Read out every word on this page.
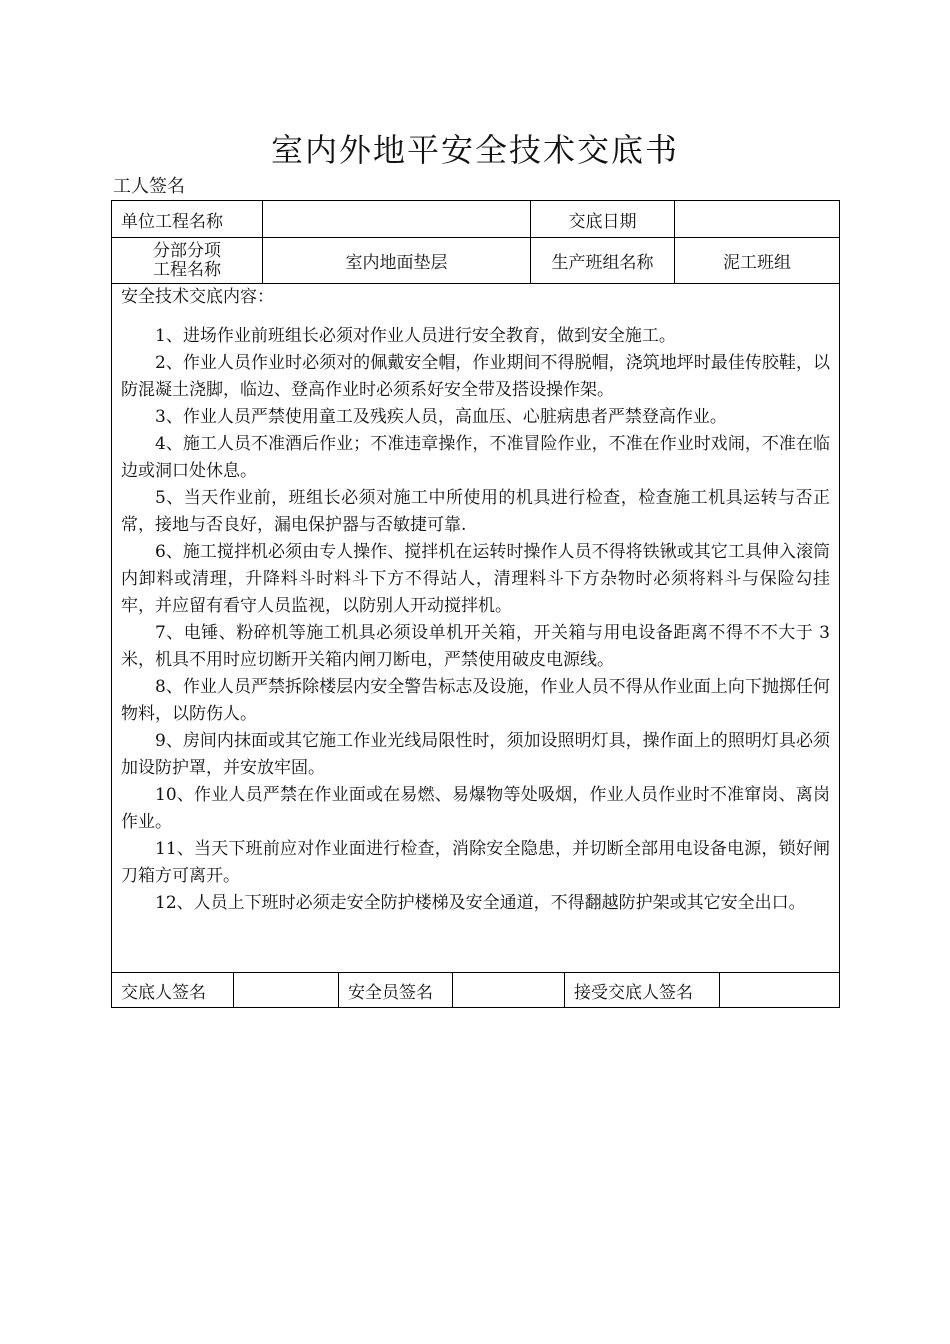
室内外地平安全技术交底书
工人签名
单位工程名称	交底日期
分部分项
工程名称	室内地面垫层	生产班组名称	泥工班组
安全技术交底内容：

1、进场作业前班组长必须对作业人员进行安全教育，做到安全施工。

2、作业人员作业时必须对的佩戴安全帽，作业期间不得脱帽，浇筑地坪时最佳传胶鞋，以防混凝土浇脚，临边、登高作业时必须系好安全带及搭设操作架。

3、作业人员严禁使用童工及残疾人员，高血压、心脏病患者严禁登高作业。

4、施工人员不准酒后作业；不准违章操作，不准冒险作业，不准在作业时戏闹，不准在临边或洞口处休息。

5、当天作业前，班组长必须对施工中所使用的机具进行检查，检查施工机具运转与否正常，接地与否良好，漏电保护器与否敏捷可靠.

6、施工搅拌机必须由专人操作、搅拌机在运转时操作人员不得将铁锹或其它工具伸入滚筒内卸料或清理，升降料斗时料斗下方不得站人，清理料斗下方杂物时必须将料斗与保险勾挂牢，并应留有看守人员监视，以防别人开动搅拌机。

7、电锤、粉碎机等施工机具必须设单机开关箱，开关箱与用电设备距离不得不不大于 3 米，机具不用时应切断开关箱内闸刀断电，严禁使用破皮电源线。

8、作业人员严禁拆除楼层内安全警告标志及设施，作业人员不得从作业面上向下抛掷任何物料，以防伤人。

9、房间内抹面或其它施工作业光线局限性时，须加设照明灯具，操作面上的照明灯具必须加设防护罩，并安放牢固。

10、作业人员严禁在作业面或在易燃、易爆物等处吸烟，作业人员作业时不准窜岗、离岗作业。

11、当天下班前应对作业面进行检查，消除安全隐患，并切断全部用电设备电源，锁好闸刀箱方可离开。

12、人员上下班时必须走安全防护楼梯及安全通道，不得翻越防护架或其它安全出口。

交底人签名	安全员签名	接受交底人签名
